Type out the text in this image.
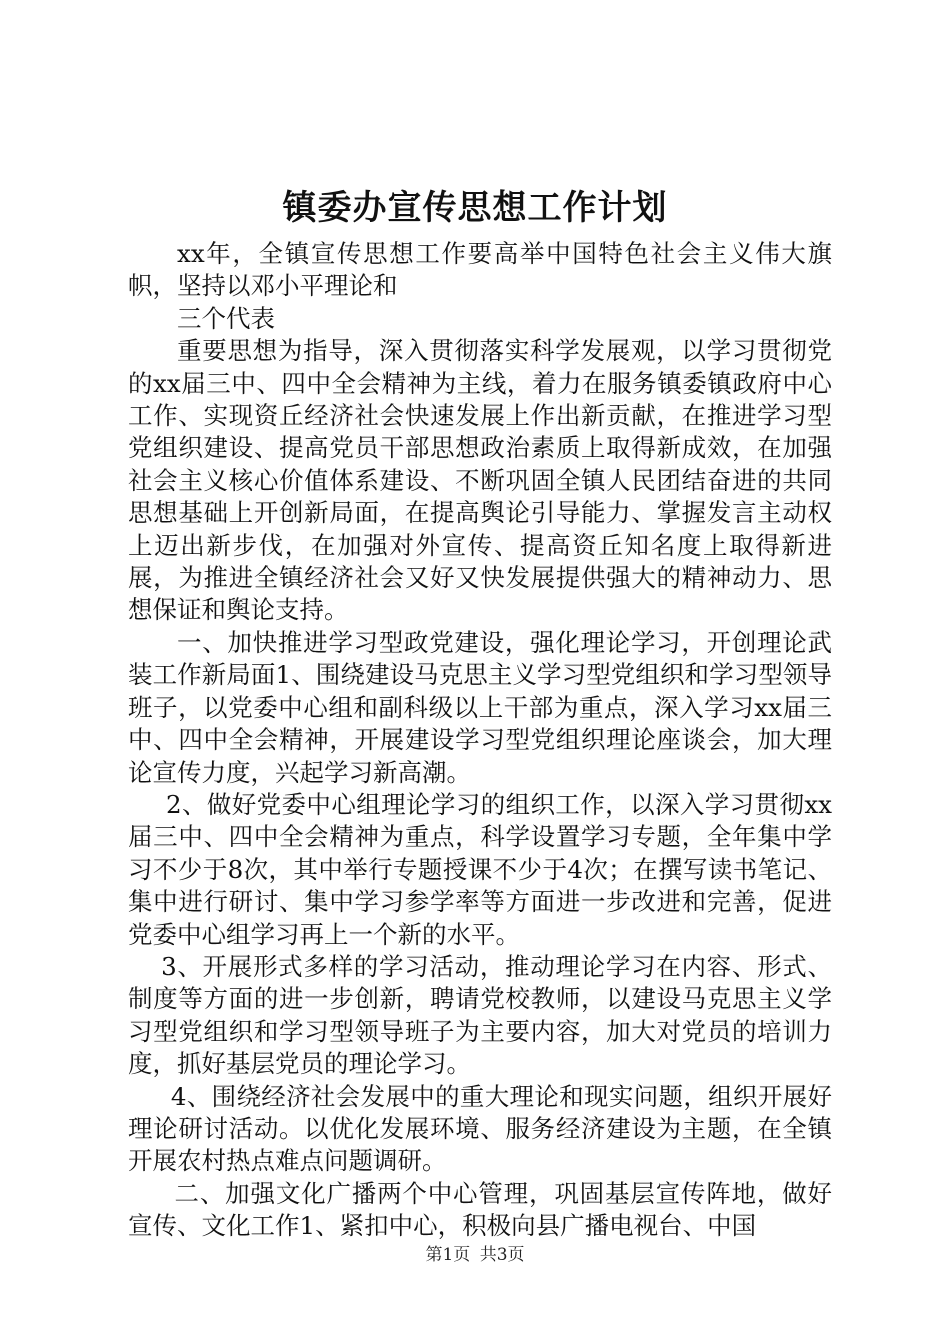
镇委办宣传思想工作计划

xx年，全镇宣传思想工作要高举中国特色社会主义伟大旗帜，坚持以邓小平理论和

三个代表

重要思想为指导，深入贯彻落实科学发展观，以学习贯彻党的xx届三中、四中全会精神为主线，着力在服务镇委镇政府中心工作、实现资丘经济社会快速发展上作出新贡献，在推进学习型党组织建设、提高党员干部思想政治素质上取得新成效，在加强社会主义核心价值体系建设、不断巩固全镇人民团结奋进的共同思想基础上开创新局面，在提高舆论引导能力、掌握发言主动权上迈出新步伐，在加强对外宣传、提高资丘知名度上取得新进展，为推进全镇经济社会又好又快发展提供强大的精神动力、思想保证和舆论支持。

一、加快推进学习型政党建设，强化理论学习，开创理论武装工作新局面1、围绕建设马克思主义学习型党组织和学习型领导班子，以党委中心组和副科级以上干部为重点，深入学习xx届三中、四中全会精神，开展建设学习型党组织理论座谈会，加大理论宣传力度，兴起学习新高潮。

2、做好党委中心组理论学习的组织工作，以深入学习贯彻xx届三中、四中全会精神为重点，科学设置学习专题，全年集中学习不少于8次，其中举行专题授课不少于4次；在撰写读书笔记、集中进行研讨、集中学习参学率等方面进一步改进和完善，促进党委中心组学习再上一个新的水平。

3、开展形式多样的学习活动，推动理论学习在内容、形式、制度等方面的进一步创新，聘请党校教师，以建设马克思主义学习型党组织和学习型领导班子为主要内容，加大对党员的培训力度，抓好基层党员的理论学习。

4、围绕经济社会发展中的重大理论和现实问题，组织开展好理论研讨活动。以优化发展环境、服务经济建设为主题，在全镇开展农村热点难点问题调研。

二、加强文化广播两个中心管理，巩固基层宣传阵地，做好宣传、文化工作1、紧扣中心，积极向县广播电视台、中国

第1页 共3页
